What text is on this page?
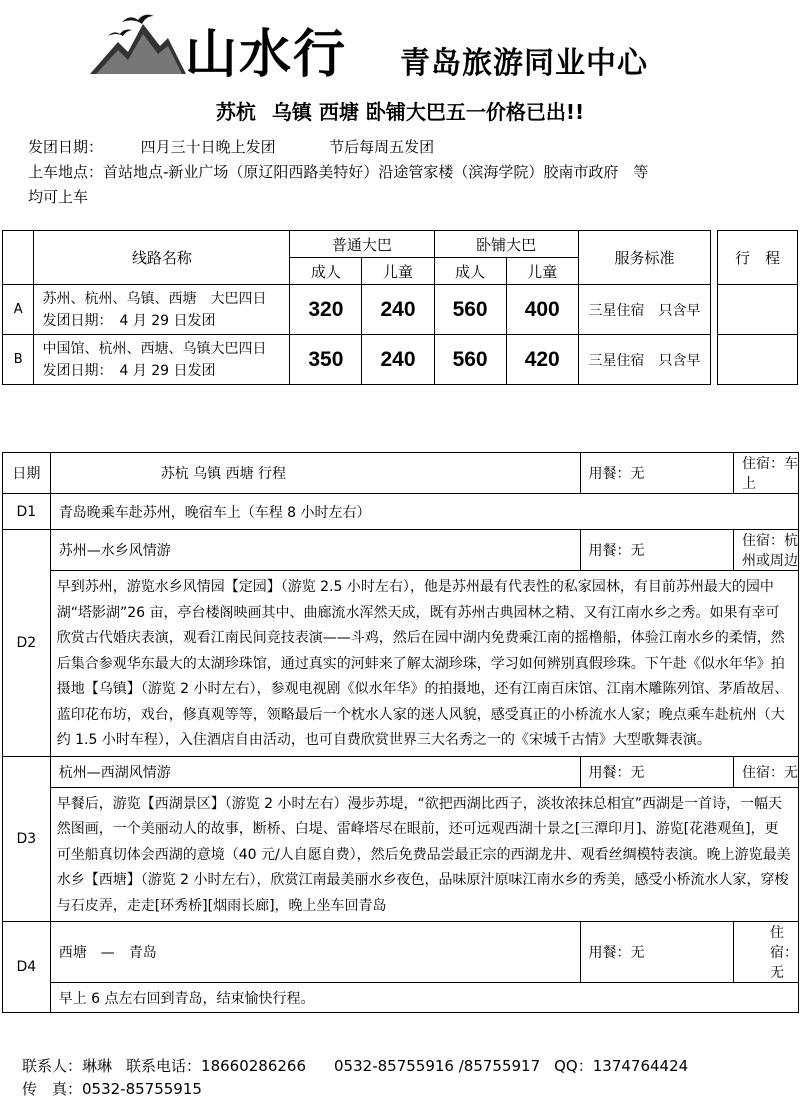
山水行 青岛旅游同业中心
苏杭 乌镇 西塘 卧铺大巴五一价格已出!!
发团日期：	四月三十日晚上发团	节后每周五发团
上车地点：首站地点-新业广场（原辽阳西路美特好）沿途管家楼（滨海学院）胶南市政府　等
均可上车
	线路名称	普通大巴		卧铺大巴		服务标准		行　程
		成人	儿童	成人	儿童			
A	苏州、杭州、乌镇、西塘　大巴四日
发团日期：　4 月 29 日发团	320	240	560	400	三星住宿　只含早		
B	中国馆、杭州、西塘、乌镇大巴四日
发团日期：　4 月 29 日发团	350	240	560	420	三星住宿　只含早		
日期	苏杭 乌镇 西塘 行程	用餐：无	住宿：车上
D1	青岛晚乘车赴苏州，晚宿车上（车程 8 小时左右）		
D2	苏州—水乡风情游	用餐：无	住宿：杭州或周边
	早到苏州，游览水乡风情园【定园】（游览 2.5 小时左右），他是苏州最有代表性的私家园林，有目前苏州最大的园中湖“塔影湖”26 亩，亭台楼阁映画其中、曲廊流水浑然天成，既有苏州古典园林之精、又有江南水乡之秀。如果有幸可欣赏古代婚庆表演，观看江南民间竞技表演——斗鸡，然后在园中湖内免费乘江南的摇橹船，体验江南水乡的柔情，然后集合参观华东最大的太湖珍珠馆，通过真实的河蚌来了解太湖珍珠，学习如何辨别真假珍珠。下午赴《似水年华》拍摄地【乌镇】（游览 2 小时左右），参观电视剧《似水年华》的拍摄地，还有江南百床馆、江南木雕陈列馆、茅盾故居、蓝印花布坊，戏台，修真观等等，领略最后一个枕水人家的迷人风貌，感受真正的小桥流水人家；晚点乘车赴杭州（大约 1.5 小时车程），入住酒店自由活动，也可自费欣赏世界三大名秀之一的《宋城千古情》大型歌舞表演。		
D3	杭州—西湖风情游	用餐：无	住宿：无
	早餐后，游览【西湖景区】（游览 2 小时左右）漫步苏堤，“欲把西湖比西子，淡妆浓抹总相宜”西湖是一首诗，一幅天然图画，一个美丽动人的故事，断桥、白堤、雷峰塔尽在眼前，还可远观西湖十景之[三潭印月]、游览[花港观鱼]，更可坐船真切体会西湖的意境（40 元/人自愿自费），然后免费品尝最正宗的西湖龙井、观看丝绸模特表演。晚上游览最美水乡【西塘】（游览 2 小时左右），欣赏江南最美丽水乡夜色，品味原汁原味江南水乡的秀美，感受小桥流水人家，穿梭与石皮弄，走走[环秀桥][烟雨长廊]，晚上坐车回青岛		
D4	西塘　—　青岛	用餐：无	住宿：无
	早上 6 点左右回到青岛，结束愉快行程。		
联系人：琳琳 联系电话：18660286266 0532-85755916 /85755917 QQ：1374764424
传　真：0532-85755915
